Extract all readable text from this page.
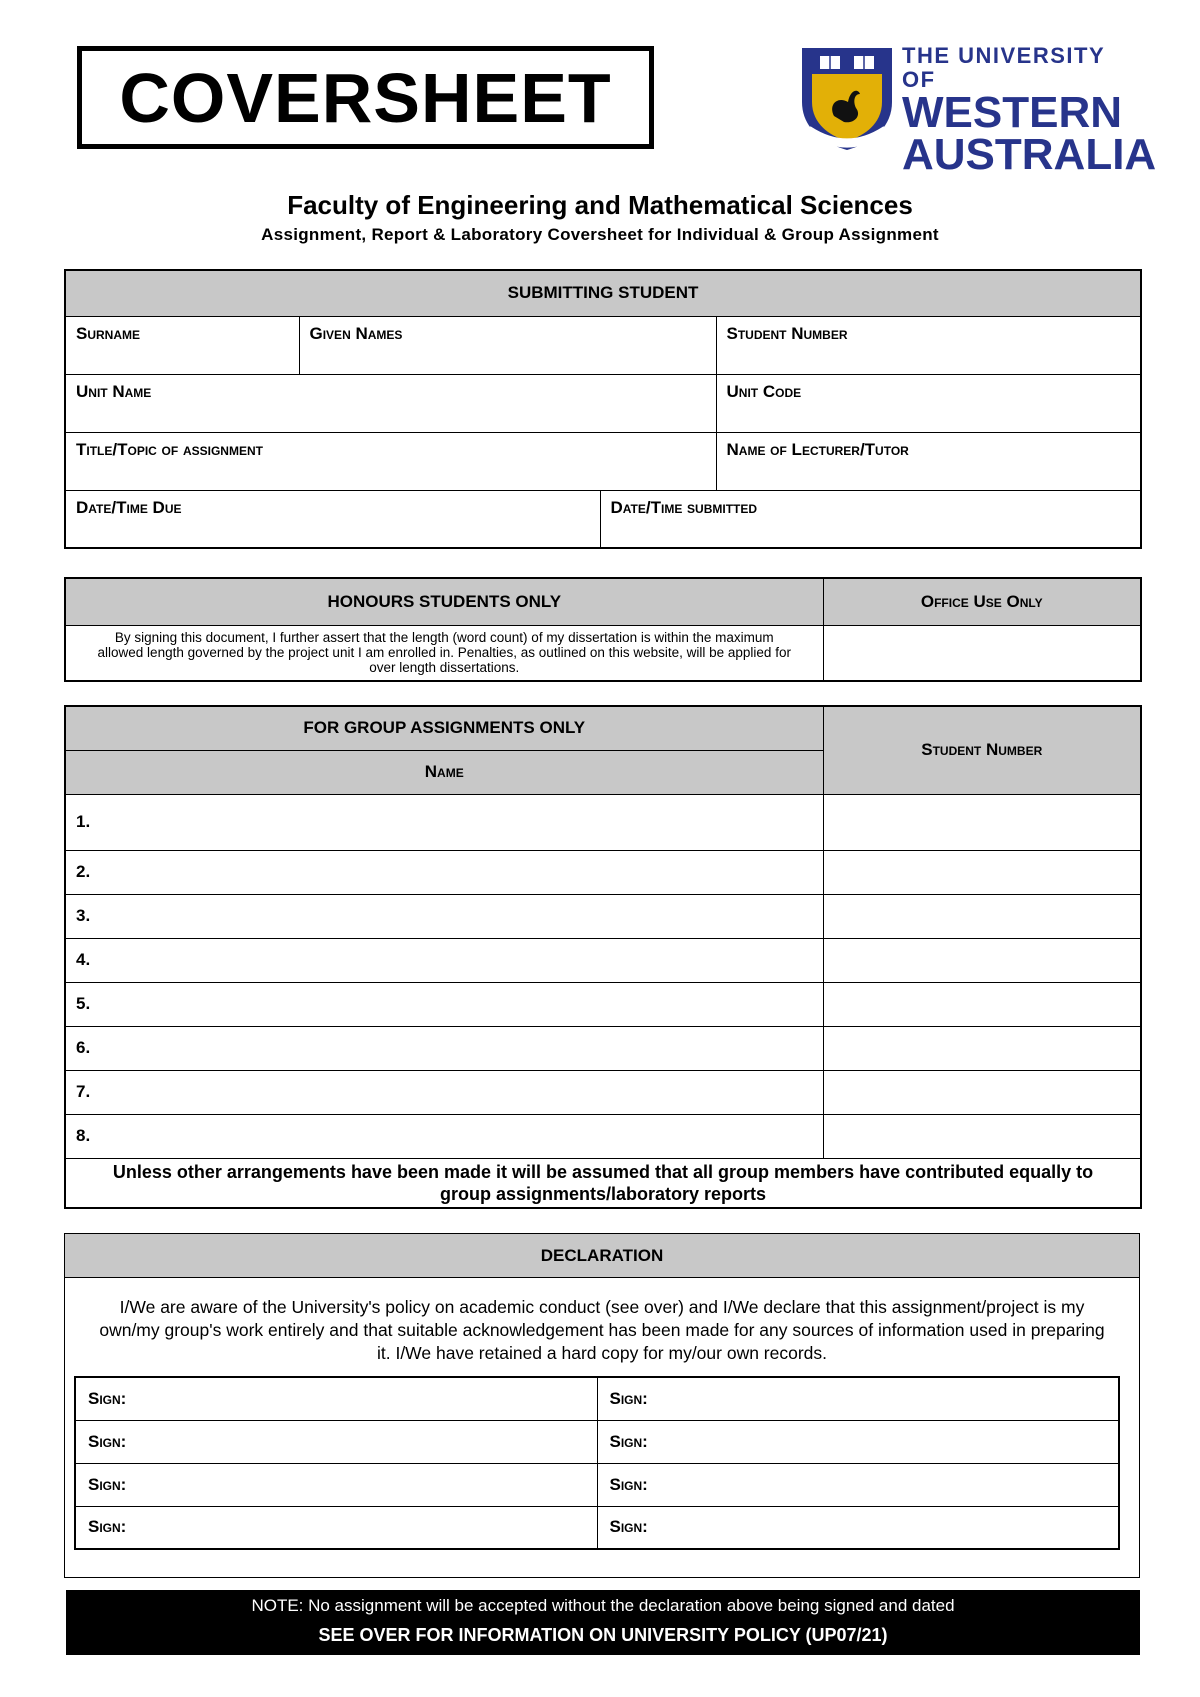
COVERSHEET
THE UNIVERSITY OF
WESTERN
AUSTRALIA
Faculty of Engineering and Mathematical Sciences
Assignment, Report & Laboratory Coversheet for Individual & Group Assignment
SUBMITTING STUDENT			
Surname	Given Names		Student Number
Unit Name			Unit Code
Title/Topic of assignment			Name of Lecturer/Tutor
Date/Time Due		Date/Time submitted	
HONOURS STUDENTS ONLY	Office Use Only
By signing this document, I further assert that the length (word count) of my dissertation is within the maximum allowed length governed by the project unit I am enrolled in. Penalties, as outlined on this website, will be applied for over length dissertations.	
FOR GROUP ASSIGNMENTS ONLY	Student Number
Name	
1.	
2.	
3.	
4.	
5.	
6.	
7.	
8.	
Unless other arrangements have been made it will be assumed that all group members have contributed equally to group assignments/laboratory reports	
DECLARATION
I/We are aware of the University's policy on academic conduct (see over) and I/We declare that this assignment/project is my own/my group's work entirely and that suitable acknowledgement has been made for any sources of information used in preparing it. I/We have retained a hard copy for my/our own records.
Sign:	Sign:
Sign:	Sign:
Sign:	Sign:
Sign:	Sign:
NOTE: No assignment will be accepted without the declaration above being signed and dated
SEE OVER FOR INFORMATION ON UNIVERSITY POLICY (UP07/21)
